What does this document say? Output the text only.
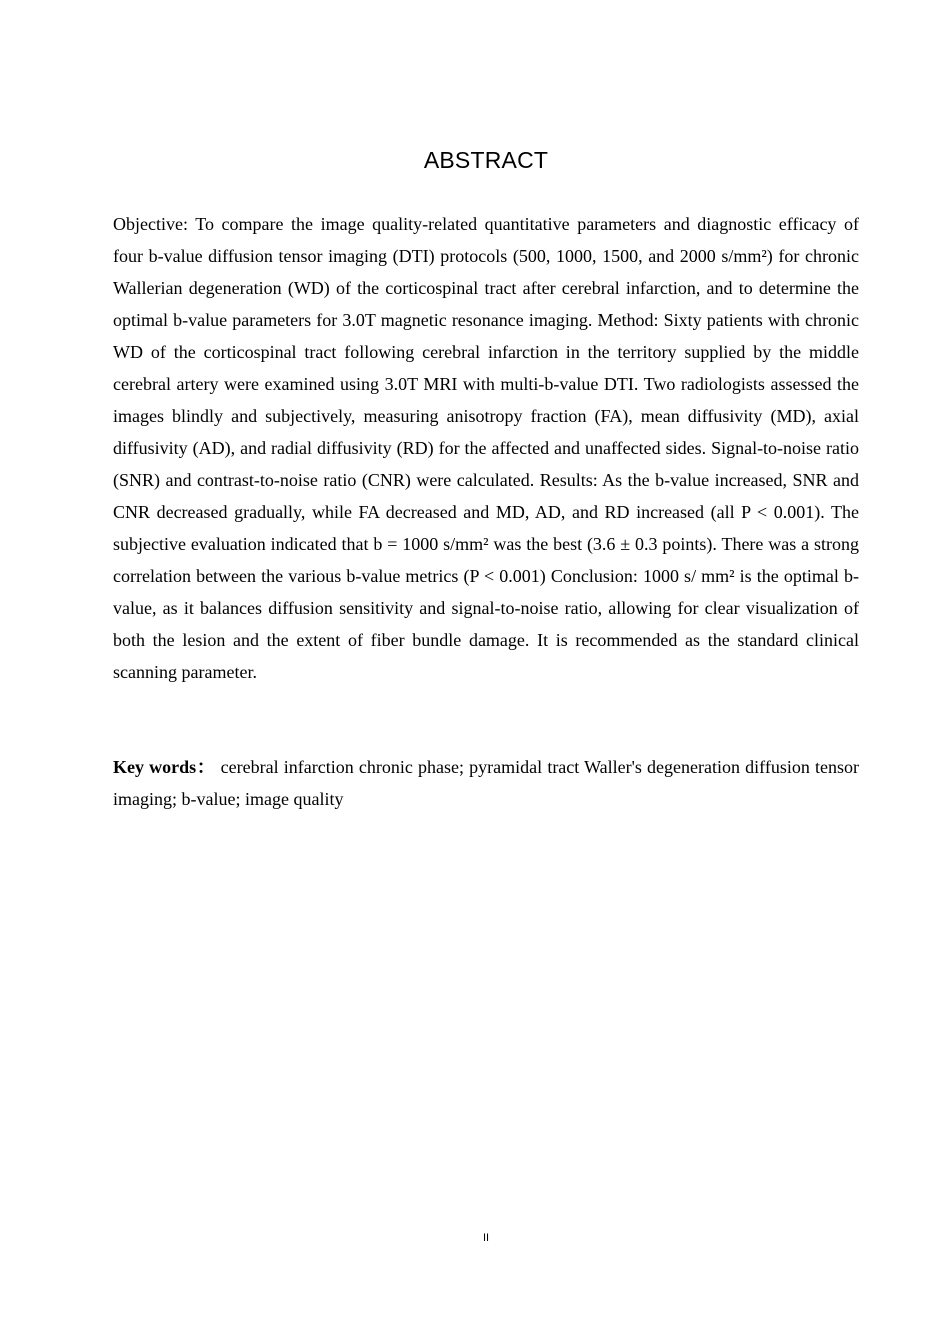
ABSTRACT

Objective: To compare the image quality-related quantitative parameters and diagnostic efficacy of four b-value diffusion tensor imaging (DTI) protocols (500, 1000, 1500, and 2000 s/mm²) for chronic Wallerian degeneration (WD) of the corticospinal tract after cerebral infarction, and to determine the optimal b-value parameters for 3.0T magnetic resonance imaging. Method: Sixty patients with chronic WD of the corticospinal tract following cerebral infarction in the territory supplied by the middle cerebral artery were examined using 3.0T MRI with multi-b-value DTI. Two radiologists assessed the images blindly and subjectively, measuring anisotropy fraction (FA), mean diffusivity (MD), axial diffusivity (AD), and radial diffusivity (RD) for the affected and unaffected sides. Signal-to-noise ratio (SNR) and contrast-to-noise ratio (CNR) were calculated. Results: As the b-value increased, SNR and CNR decreased gradually, while FA decreased and MD, AD, and RD increased (all P < 0.001). The subjective evaluation indicated that b = 1000 s/mm² was the best (3.6 ± 0.3 points). There was a strong correlation between the various b-value metrics (P < 0.001) Conclusion: 1000 s/ mm² is the optimal b-value, as it balances diffusion sensitivity and signal-to-noise ratio, allowing for clear visualization of both the lesion and the extent of fiber bundle damage. It is recommended as the standard clinical scanning parameter.

Key words： cerebral infarction chronic phase; pyramidal tract Waller's degeneration diffusion tensor imaging; b-value; image quality

II
